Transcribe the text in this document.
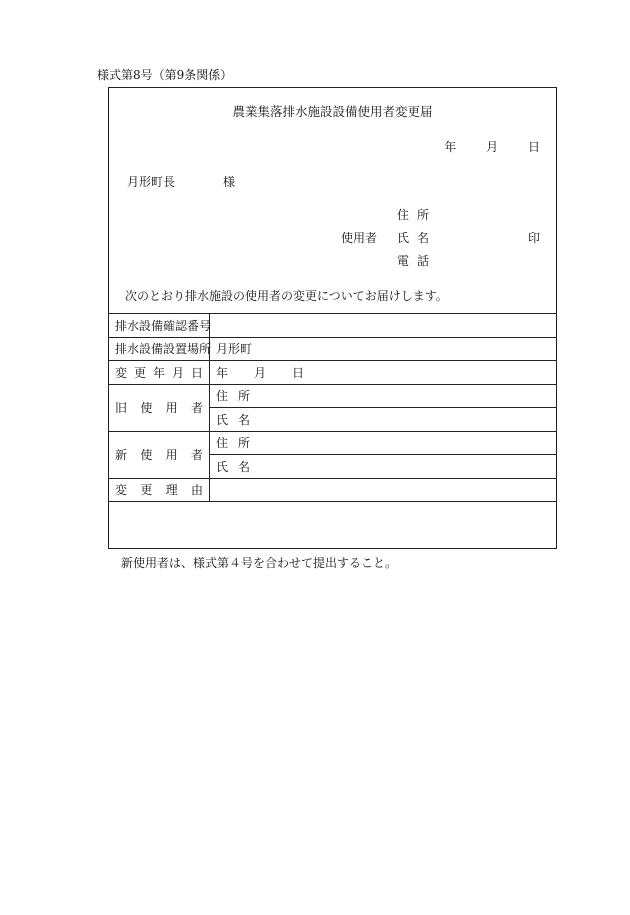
様式第8号（第9条関係）
農業集落排水施設設備使用者変更届
年 月 日
月形町長	様
住所
使用者 氏名	印
電話
次のとおり排水施設の使用者の変更についてお届けします。
排水設備確認番号	
排水設備設置場所	月形町

変 更 年 月 日	年 月 日

旧 使 用 者	住所
	氏名

新 使 用 者	住所
	氏名

変 更 理 由	

新使用者は、様式第４号を合わせて提出すること。
